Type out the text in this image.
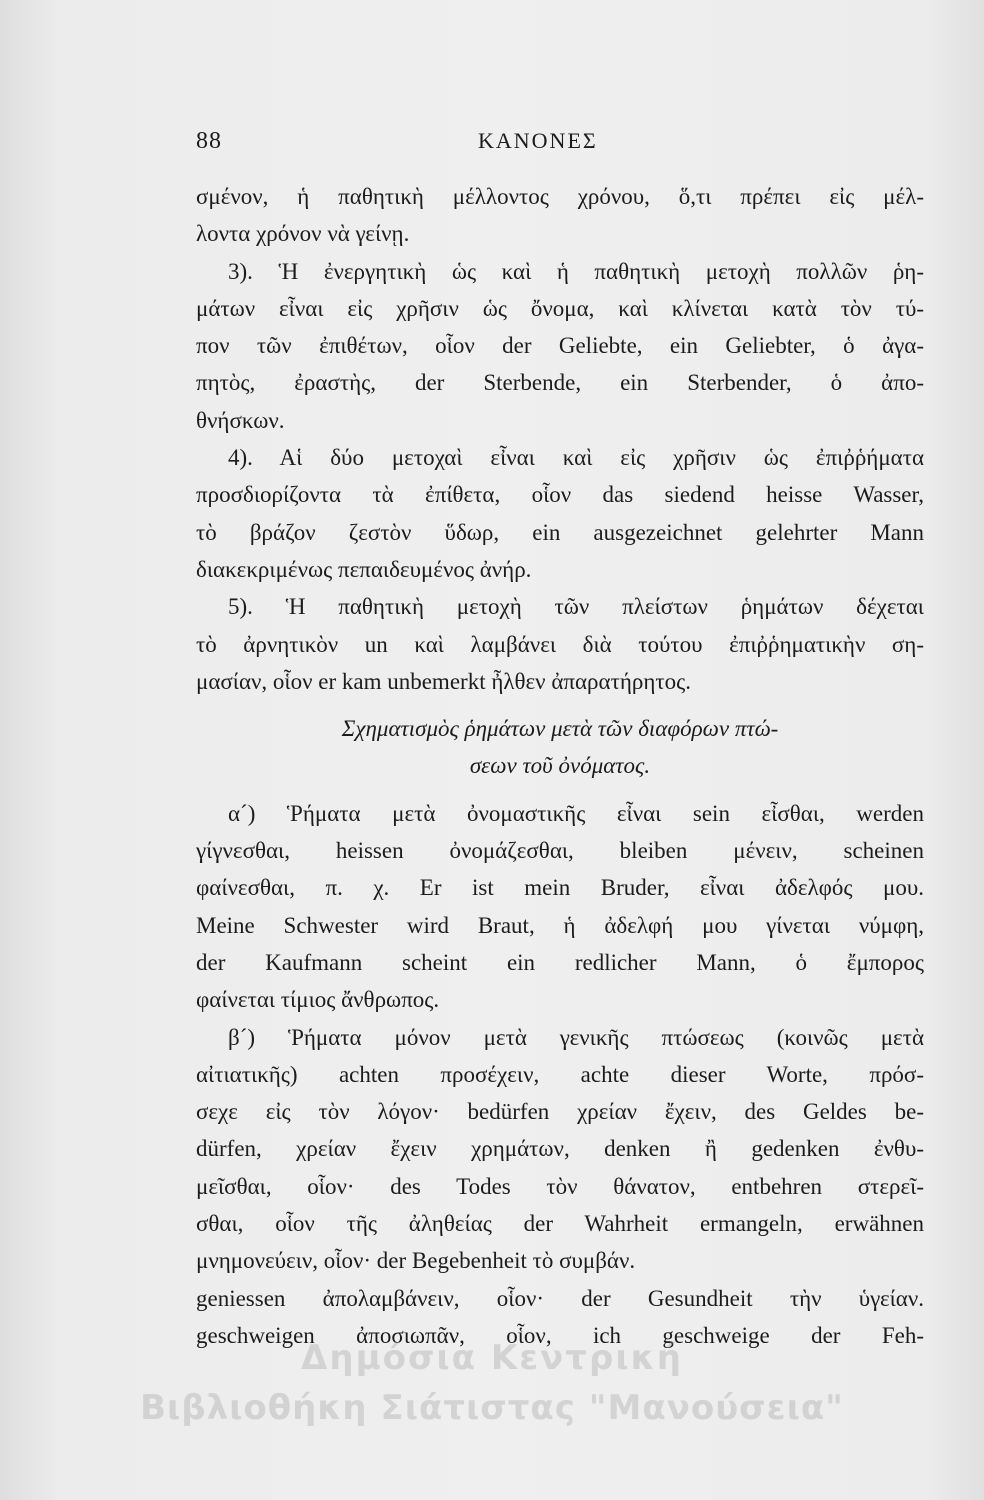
88	ΚΑΝΟΝΕΣ
σμένον, ἡ παθητικὴ μέλλοντος χρόνου, ὅ,τι πρέπει εἰς μέλ-
λοντα χρόνον νὰ γείνῃ.
3). Ἡ ἐνεργητικὴ ὡς καὶ ἡ παθητικὴ μετοχὴ πολλῶν ῥη-
μάτων εἶναι εἰς χρῆσιν ὡς ὄνομα, καὶ κλίνεται κατὰ τὸν τύ-
πον τῶν ἐπιθέτων, οἷον der Geliebte, ein Geliebter, ὁ ἀγα-
πητὸς, ἐραστὴς, der Sterbende, ein Sterbender, ὁ ἀπο-
θνήσκων.
4). Αἱ δύο μετοχαὶ εἶναι καὶ εἰς χρῆσιν ὡς ἐπιῤῥήματα
προσδιορίζοντα τὰ ἐπίθετα, οἷον das siedend heisse Wasser,
τὸ βράζον ζεστὸν ὕδωρ, ein ausgezeichnet gelehrter Mann
διακεκριμένως πεπαιδευμένος ἀνήρ.
5). Ἡ παθητικὴ μετοχὴ τῶν πλείστων ῥημάτων δέχεται
τὸ ἀρνητικὸν un καὶ λαμβάνει διὰ τούτου ἐπιῤῥηματικὴν ση-
μασίαν, οἷον er kam unbemerkt ἦλθεν ἀπαρατήρητος.
Σχηματισμὸς ῥημάτων μετὰ τῶν διαφόρων πτώ-
σεων τοῦ ὀνόματος.
α´) Ῥήματα μετὰ ὀνομαστικῆς εἶναι sein εἶσθαι, werden
γίγνεσθαι, heissen ὀνομάζεσθαι, bleiben μένειν, scheinen
φαίνεσθαι, π. χ. Er ist mein Bruder, εἶναι ἀδελφός μου.
Meine Schwester wird Braut, ἡ ἀδελφή μου γίνεται νύμφη,
der Kaufmann scheint ein redlicher Mann, ὁ ἔμπορος
φαίνεται τίμιος ἄνθρωπος.
β´) Ῥήματα μόνον μετὰ γενικῆς πτώσεως (κοινῶς μετὰ
αἰτιατικῆς) achten προσέχειν, achte dieser Worte, πρόσ-
σεχε εἰς τὸν λόγον· bedürfen χρείαν ἔχειν, des Geldes be-
dürfen, χρείαν ἔχειν χρημάτων, denken ἢ gedenken ἐνθυ-
μεῖσθαι, οἷον· des Todes τὸν θάνατον, entbehren στερεῖ-
σθαι, οἷον τῆς ἀληθείας der Wahrheit ermangeln, erwähnen
μνημονεύειν, οἷον· der Begebenheit τὸ συμβάν.
geniessen ἀπολαμβάνειν, οἷον· der Gesundheit τὴν ὑγείαν.
geschweigen ἀποσιωπᾶν, οἷον, ich geschweige der Feh-
Δημόσια Κεντρική
Βιβλιοθήκη Σιάτιστας "Μανούσεια"
